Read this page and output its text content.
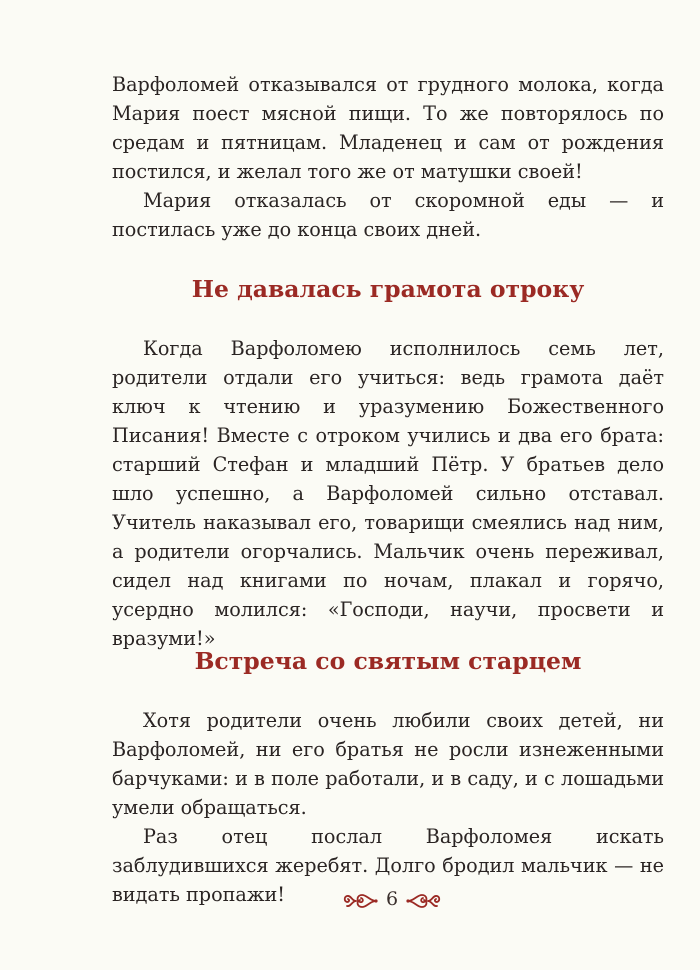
Варфоломей отказывался от грудного молока, когда Мария поест мясной пищи. То же повторялось по средам и пятницам. Младенец и сам от рождения постился, и желал того же от матушки своей!

Мария отказалась от скоромной еды — и постилась уже до конца своих дней.

Не давалась грамота отроку

Когда Варфоломею исполнилось семь лет, родители отдали его учиться: ведь грамота даёт ключ к чтению и уразумению Божественного Писания! Вместе с отроком учились и два его брата: старший Стефан и младший Пётр. У братьев дело шло успешно, а Варфоломей сильно отставал. Учитель наказывал его, товарищи смеялись над ним, а родители огорчались. Мальчик очень переживал, сидел над книгами по ночам, плакал и горячо, усердно молился: «Господи, научи, просвети и вразуми!»

Встреча со святым старцем

Хотя родители очень любили своих детей, ни Варфоломей, ни его братья не росли изнеженными барчуками: и в поле работали, и в саду, и с лошадьми умели обращаться.

Раз отец послал Варфоломея искать заблудившихся жеребят. Долго бродил мальчик — не видать пропажи!	6
